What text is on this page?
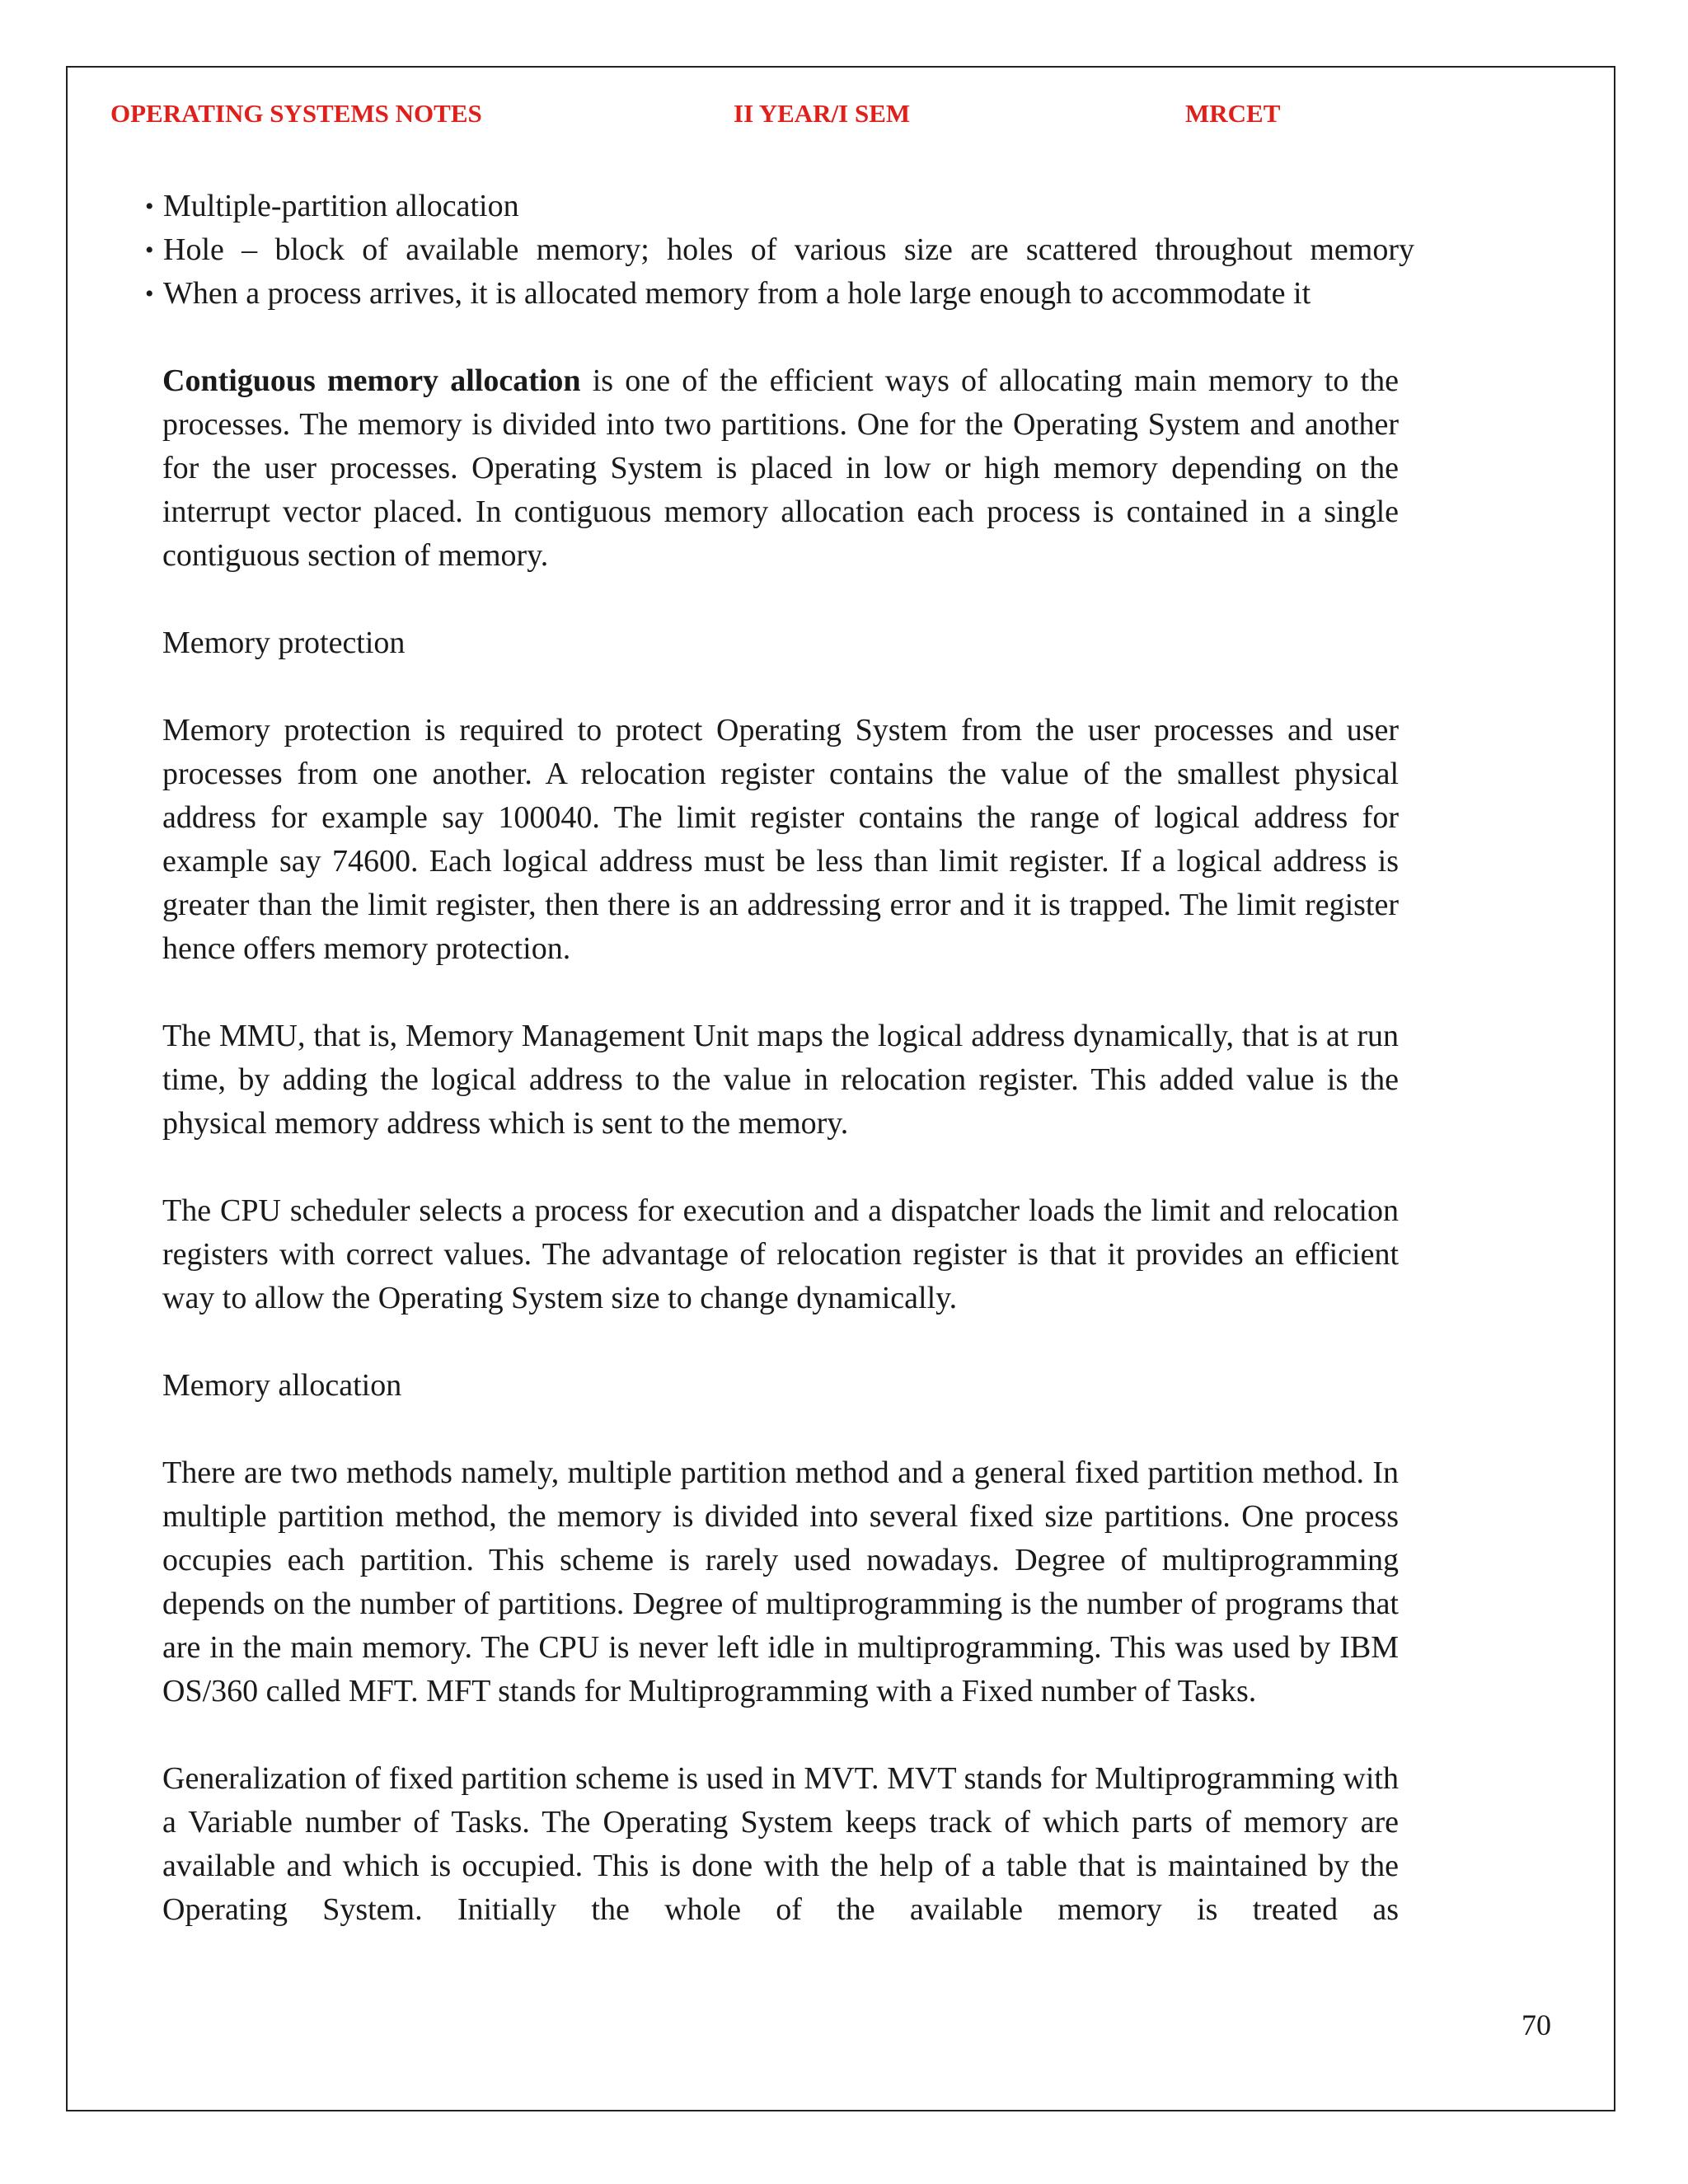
OPERATING SYSTEMS NOTES	II YEAR/I SEM	MRCET
• Multiple-partition allocation
• Hole – block of available memory; holes of various size are scattered throughout memory
• When a process arrives, it is allocated memory from a hole large enough to accommodate it

Contiguous memory allocation is one of the efficient ways of allocating main memory to the processes. The memory is divided into two partitions. One for the Operating System and another for the user processes. Operating System is placed in low or high memory depending on the interrupt vector placed. In contiguous memory allocation each process is contained in a single contiguous section of memory.

Memory protection

Memory protection is required to protect Operating System from the user processes and user processes from one another. A relocation register contains the value of the smallest physical address for example say 100040. The limit register contains the range of logical address for example say 74600. Each logical address must be less than limit register. If a logical address is greater than the limit register, then there is an addressing error and it is trapped. The limit register hence offers memory protection.

The MMU, that is, Memory Management Unit maps the logical address dynamically, that is at run time, by adding the logical address to the value in relocation register. This added value is the physical memory address which is sent to the memory.

The CPU scheduler selects a process for execution and a dispatcher loads the limit and relocation registers with correct values. The advantage of relocation register is that it provides an efficient way to allow the Operating System size to change dynamically.

Memory allocation

There are two methods namely, multiple partition method and a general fixed partition method. In multiple partition method, the memory is divided into several fixed size partitions. One process occupies each partition. This scheme is rarely used nowadays. Degree of multiprogramming depends on the number of partitions. Degree of multiprogramming is the number of programs that are in the main memory. The CPU is never left idle in multiprogramming. This was used by IBM OS/360 called MFT. MFT stands for Multiprogramming with a Fixed number of Tasks.

Generalization of fixed partition scheme is used in MVT. MVT stands for Multiprogramming with a Variable number of Tasks. The Operating System keeps track of which parts of memory are available and which is occupied. This is done with the help of a table that is maintained by the Operating System. Initially the whole of the available memory is treated as

70
